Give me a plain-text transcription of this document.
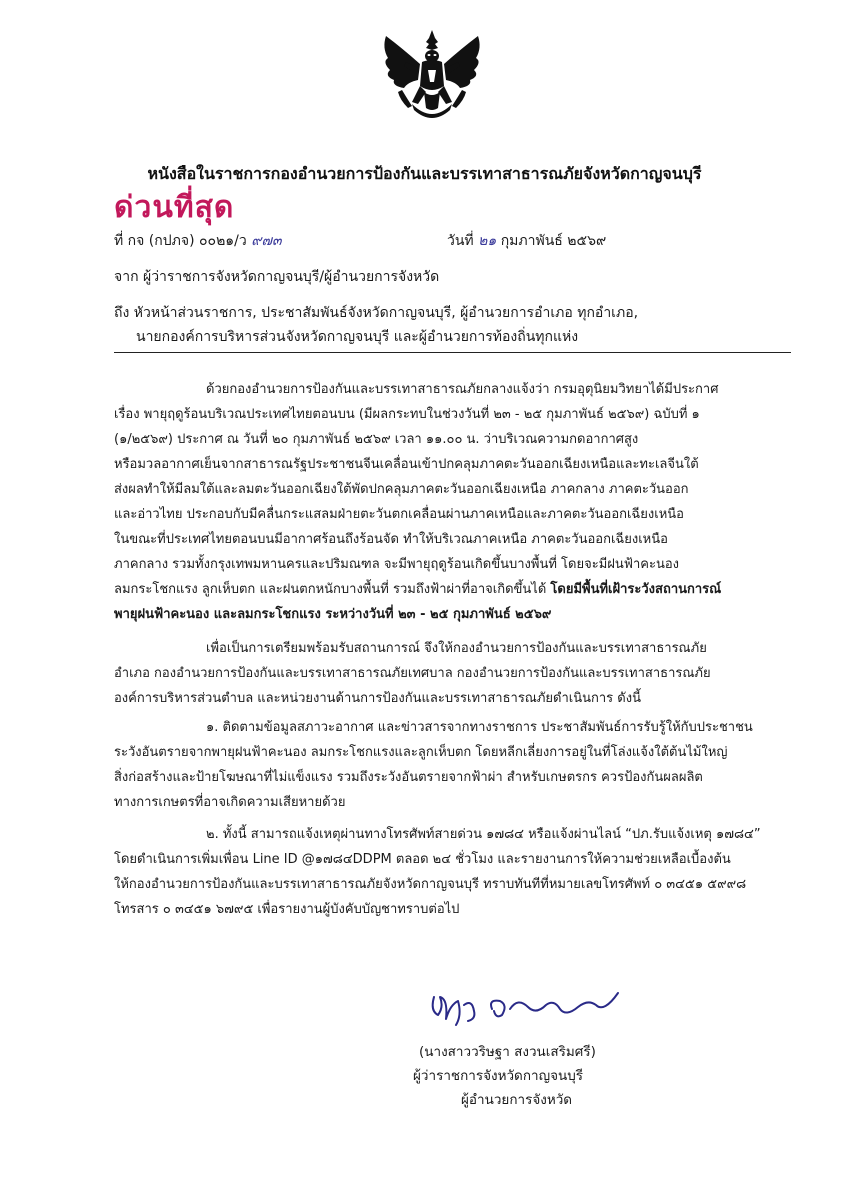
หนังสือในราชการกองอำนวยการป้องกันและบรรเทาสาธารณภัยจังหวัดกาญจนบุรี
ด่วนที่สุด
ที่ กจ (กปภจ) ๐๐๒๑/ว ๙๗๓	วันที่ ๒๑ กุมภาพันธ์ ๒๕๖๙
จาก ผู้ว่าราชการจังหวัดกาญจนบุรี/ผู้อำนวยการจังหวัด
ถึง หัวหน้าส่วนราชการ, ประชาสัมพันธ์จังหวัดกาญจนบุรี, ผู้อำนวยการอำเภอ ทุกอำเภอ,
นายกองค์การบริหารส่วนจังหวัดกาญจนบุรี และผู้อำนวยการท้องถิ่นทุกแห่ง
ด้วยกองอำนวยการป้องกันและบรรเทาสาธารณภัยกลางแจ้งว่า กรมอุตุนิยมวิทยาได้มีประกาศ
เรื่อง พายุฤดูร้อนบริเวณประเทศไทยตอนบน (มีผลกระทบในช่วงวันที่ ๒๓ - ๒๕ กุมภาพันธ์ ๒๕๖๙) ฉบับที่ ๑
(๑/๒๕๖๙) ประกาศ ณ วันที่ ๒๐ กุมภาพันธ์ ๒๕๖๙ เวลา ๑๑.๐๐ น. ว่าบริเวณความกดอากาศสูง
หรือมวลอากาศเย็นจากสาธารณรัฐประชาชนจีนเคลื่อนเข้าปกคลุมภาคตะวันออกเฉียงเหนือและทะเลจีนใต้
ส่งผลทำให้มีลมใต้และลมตะวันออกเฉียงใต้พัดปกคลุมภาคตะวันออกเฉียงเหนือ ภาคกลาง ภาคตะวันออก
และอ่าวไทย ประกอบกับมีคลื่นกระแสลมฝ่ายตะวันตกเคลื่อนผ่านภาคเหนือและภาคตะวันออกเฉียงเหนือ
ในขณะที่ประเทศไทยตอนบนมีอากาศร้อนถึงร้อนจัด ทำให้บริเวณภาคเหนือ ภาคตะวันออกเฉียงเหนือ
ภาคกลาง รวมทั้งกรุงเทพมหานครและปริมณฑล จะมีพายุฤดูร้อนเกิดขึ้นบางพื้นที่ โดยจะมีฝนฟ้าคะนอง
ลมกระโชกแรง ลูกเห็บตก และฝนตกหนักบางพื้นที่ รวมถึงฟ้าผ่าที่อาจเกิดขึ้นได้ โดยมีพื้นที่เฝ้าระวังสถานการณ์
พายุฝนฟ้าคะนอง และลมกระโชกแรง ระหว่างวันที่ ๒๓ - ๒๕ กุมภาพันธ์ ๒๕๖๙
เพื่อเป็นการเตรียมพร้อมรับสถานการณ์ จึงให้กองอำนวยการป้องกันและบรรเทาสาธารณภัย
อำเภอ กองอำนวยการป้องกันและบรรเทาสาธารณภัยเทศบาล กองอำนวยการป้องกันและบรรเทาสาธารณภัย
องค์การบริหารส่วนตำบล และหน่วยงานด้านการป้องกันและบรรเทาสาธารณภัยดำเนินการ ดังนี้
๑. ติดตามข้อมูลสภาวะอากาศ และข่าวสารจากทางราชการ ประชาสัมพันธ์การรับรู้ให้กับประชาชน
ระวังอันตรายจากพายุฝนฟ้าคะนอง ลมกระโชกแรงและลูกเห็บตก โดยหลีกเลี่ยงการอยู่ในที่โล่งแจ้งใต้ต้นไม้ใหญ่
สิ่งก่อสร้างและป้ายโฆษณาที่ไม่แข็งแรง รวมถึงระวังอันตรายจากฟ้าผ่า สำหรับเกษตรกร ควรป้องกันผลผลิต
ทางการเกษตรที่อาจเกิดความเสียหายด้วย
๒. ทั้งนี้ สามารถแจ้งเหตุผ่านทางโทรศัพท์สายด่วน ๑๗๘๔ หรือแจ้งผ่านไลน์ “ปภ.รับแจ้งเหตุ ๑๗๘๔”
โดยดำเนินการเพิ่มเพื่อน Line ID @๑๗๘๔DDPM ตลอด ๒๔ ชั่วโมง และรายงานการให้ความช่วยเหลือเบื้องต้น
ให้กองอำนวยการป้องกันและบรรเทาสาธารณภัยจังหวัดกาญจนบุรี ทราบทันทีที่หมายเลขโทรศัพท์ ๐ ๓๔๕๑ ๕๙๙๘
โทรสาร ๐ ๓๔๕๑ ๖๗๙๕ เพื่อรายงานผู้บังคับบัญชาทราบต่อไป
(นางสาววริษฐา สงวนเสริมศรี)
ผู้ว่าราชการจังหวัดกาญจนบุรี
ผู้อำนวยการจังหวัด
